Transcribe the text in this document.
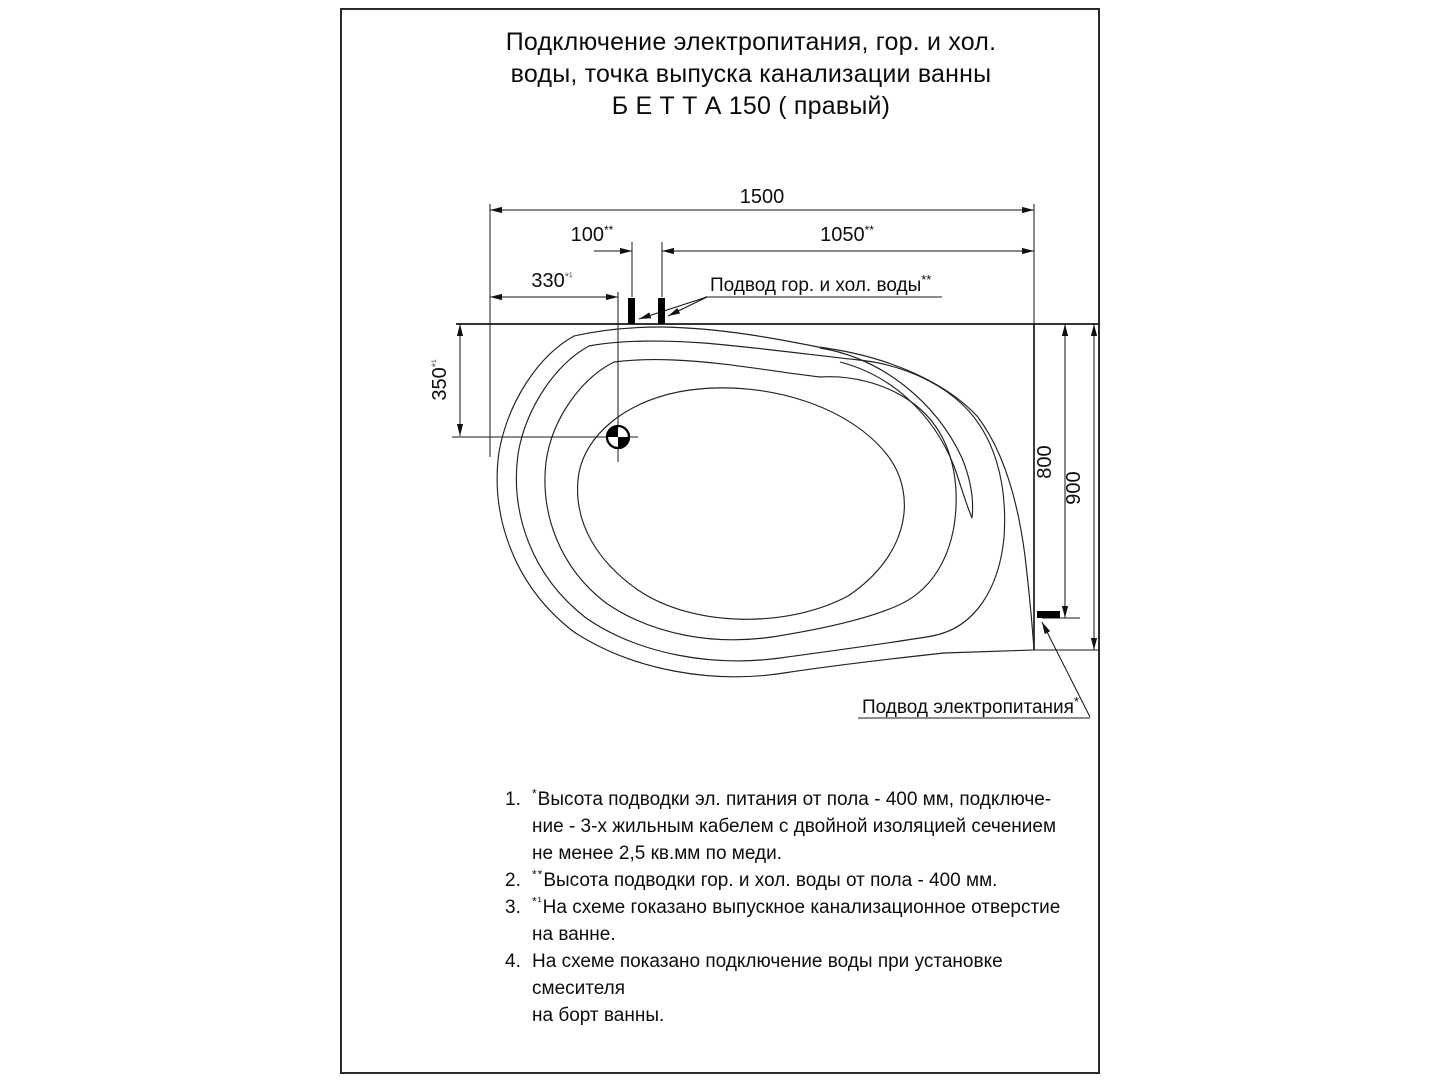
Подключение электропитания, гор. и хол.
воды, точка выпуска канализации ванны
Б Е Т Т А 150 ( правый)
1500
100**	1050**
$330^{*^1}$
$350^{*^1}$
800
900
Подвод гор. и хол. воды**
Подвод электропитания*
1. *Высота подводки эл. питания от пола - 400 мм, подключе-
ние - 3-х жильным кабелем с двойной изоляцией сечением
не менее 2,5 кв.мм по меди.
2. **Высота подводки гор. и хол. воды от пола - 400 мм.
3. $^{*^1}$На схеме гоказано выпускное канализационное отверстие
на ванне.
4. На схеме показано подключение воды при установке смесителя
на борт ванны.
